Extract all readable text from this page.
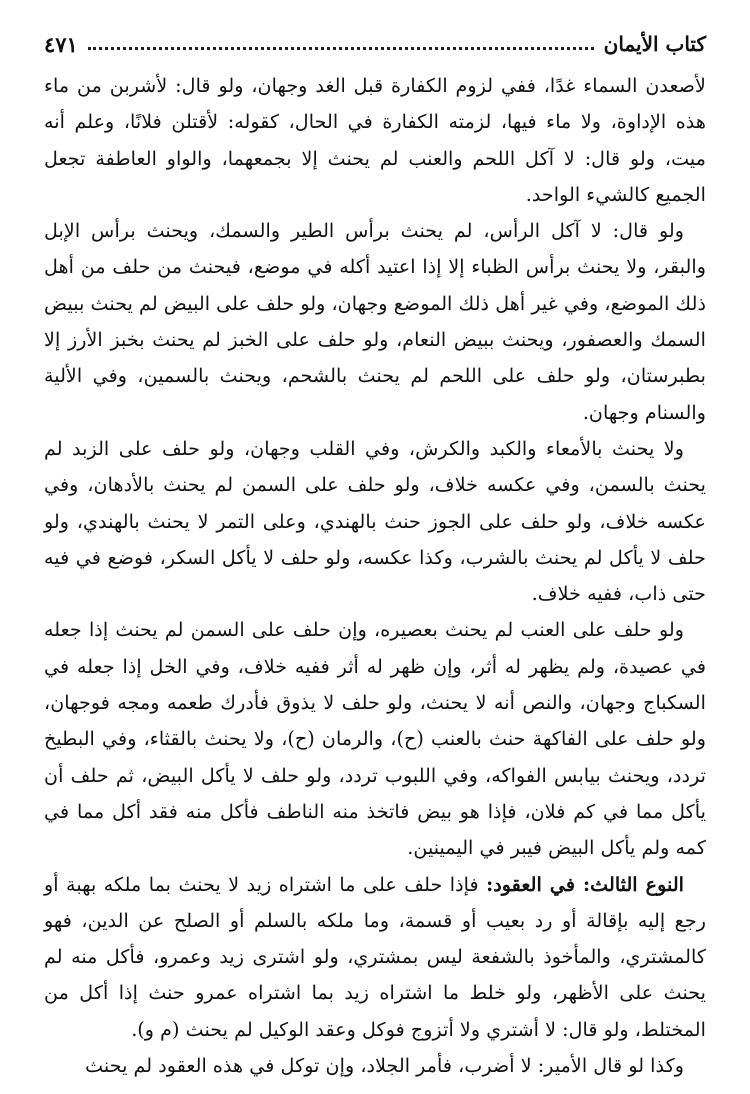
كتاب الأيمان
٤٧١

لأصعدن السماء غدًا، ففي لزوم الكفارة قبل الغد وجهان، ولو قال: لأشربن من ماء هذه الإداوة، ولا ماء فيها، لزمته الكفارة في الحال، كقوله: لأقتلن فلانًا، وعلم أنه ميت، ولو قال: لا آكل اللحم والعنب لم يحنث إلا بجمعهما، والواو العاطفة تجعل الجميع كالشيء الواحد.

ولو قال: لا آكل الرأس، لم يحنث برأس الطير والسمك، ويحنث برأس الإبل والبقر، ولا يحنث برأس الظباء إلا إذا اعتيد أكله في موضع، فيحنث من حلف من أهل ذلك الموضع، وفي غير أهل ذلك الموضع وجهان، ولو حلف على البيض لم يحنث ببيض السمك والعصفور، ويحنث ببيض النعام، ولو حلف على الخبز لم يحنث بخبز الأرز إلا بطبرستان، ولو حلف على اللحم لم يحنث بالشحم، ويحنث بالسمين، وفي الألية والسنام وجهان.

ولا يحنث بالأمعاء والكبد والكرش، وفي القلب وجهان، ولو حلف على الزبد لم يحنث بالسمن، وفي عكسه خلاف، ولو حلف على السمن لم يحنث بالأدهان، وفي عكسه خلاف، ولو حلف على الجوز حنث بالهندي، وعلى التمر لا يحنث بالهندي، ولو حلف لا يأكل لم يحنث بالشرب، وكذا عكسه، ولو حلف لا يأكل السكر، فوضع في فيه حتى ذاب، ففيه خلاف.

ولو حلف على العنب لم يحنث بعصيره، وإن حلف على السمن لم يحنث إذا جعله في عصيدة، ولم يظهر له أثر، وإن ظهر له أثر ففيه خلاف، وفي الخل إذا جعله في السكباج وجهان، والنص أنه لا يحنث، ولو حلف لا يذوق فأدرك طعمه ومجه فوجهان، ولو حلف على الفاكهة حنث بالعنب (ح)، والرمان (ح)، ولا يحنث بالقثاء، وفي البطيخ تردد، ويحنث بيابس الفواكه، وفي اللبوب تردد، ولو حلف لا يأكل البيض، ثم حلف أن يأكل مما في كم فلان، فإذا هو بيض فاتخذ منه الناطف فأكل منه فقد أكل مما في كمه ولم يأكل البيض فيبر في اليمينين.

النوع الثالث: في العقود: فإذا حلف على ما اشتراه زيد لا يحنث بما ملكه بهبة أو رجع إليه بإقالة أو رد بعيب أو قسمة، وما ملكه بالسلم أو الصلح عن الدين، فهو كالمشتري، والمأخوذ بالشفعة ليس بمشتري، ولو اشترى زيد وعمرو، فأكل منه لم يحنث على الأظهر، ولو خلط ما اشتراه زيد بما اشتراه عمرو حنث إذا أكل من المختلط، ولو قال: لا أشتري ولا أتزوج فوكل وعقد الوكيل لم يحنث (م و).

وكذا لو قال الأمير: لا أضرب، فأمر الجلاد، وإن توكل في هذه العقود لم يحنث
